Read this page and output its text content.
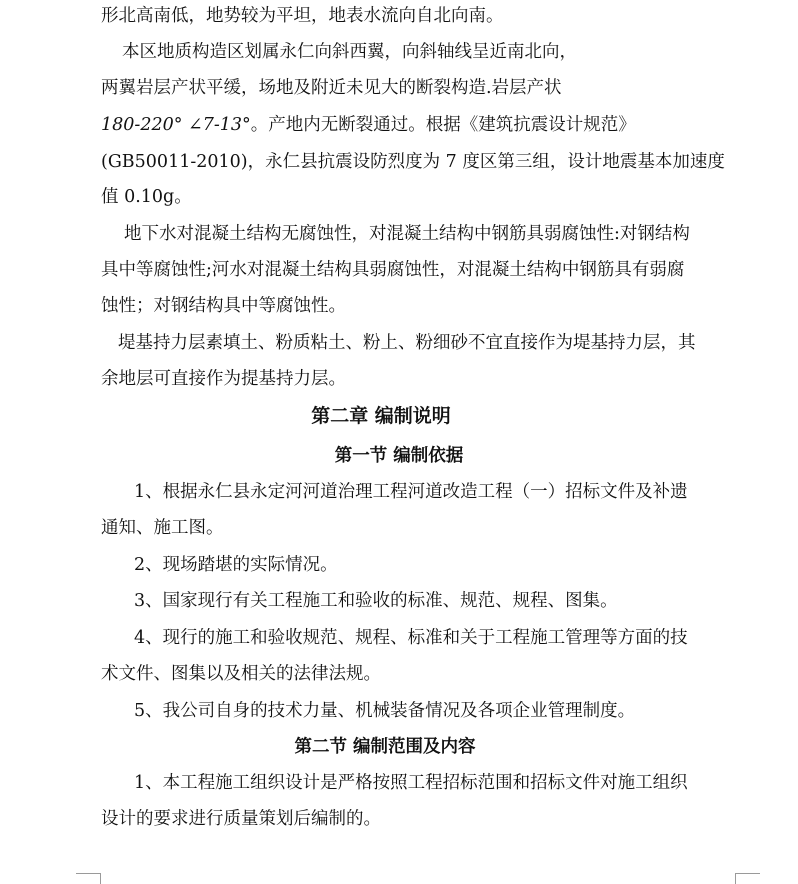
形北高南低，地势较为平坦，地表水流向自北向南。
本区地质构造区划属永仁向斜西翼，向斜轴线呈近南北向，
两翼岩层产状平缓，场地及附近未见大的断裂构造.岩层产状
180-220° ∠7-13°。产地内无断裂通过。根据《建筑抗震设计规范》
(GB50011-2010)，永仁县抗震设防烈度为 7 度区第三组，设计地震基本加速度
值 0.10g。
地下水对混凝土结构无腐蚀性，对混凝土结构中钢筋具弱腐蚀性:对钢结构
具中等腐蚀性;河水对混凝土结构具弱腐蚀性，对混凝土结构中钢筋具有弱腐
蚀性；对钢结构具中等腐蚀性。
堤基持力层素填土、粉质粘土、粉上、粉细砂不宜直接作为堤基持力层，其
余地层可直接作为提基持力层。
第二章 编制说明
第一节 编制依据
1、根据永仁县永定河河道治理工程河道改造工程（一）招标文件及补遗
通知、施工图。
2、现场踏堪的实际情况。
3、国家现行有关工程施工和验收的标准、规范、规程、图集。
4、现行的施工和验收规范、规程、标准和关于工程施工管理等方面的技
术文件、图集以及相关的法律法规。
5、我公司自身的技术力量、机械装备情况及各项企业管理制度。
第二节 编制范围及内容
1、本工程施工组织设计是严格按照工程招标范围和招标文件对施工组织
设计的要求进行质量策划后编制的。
